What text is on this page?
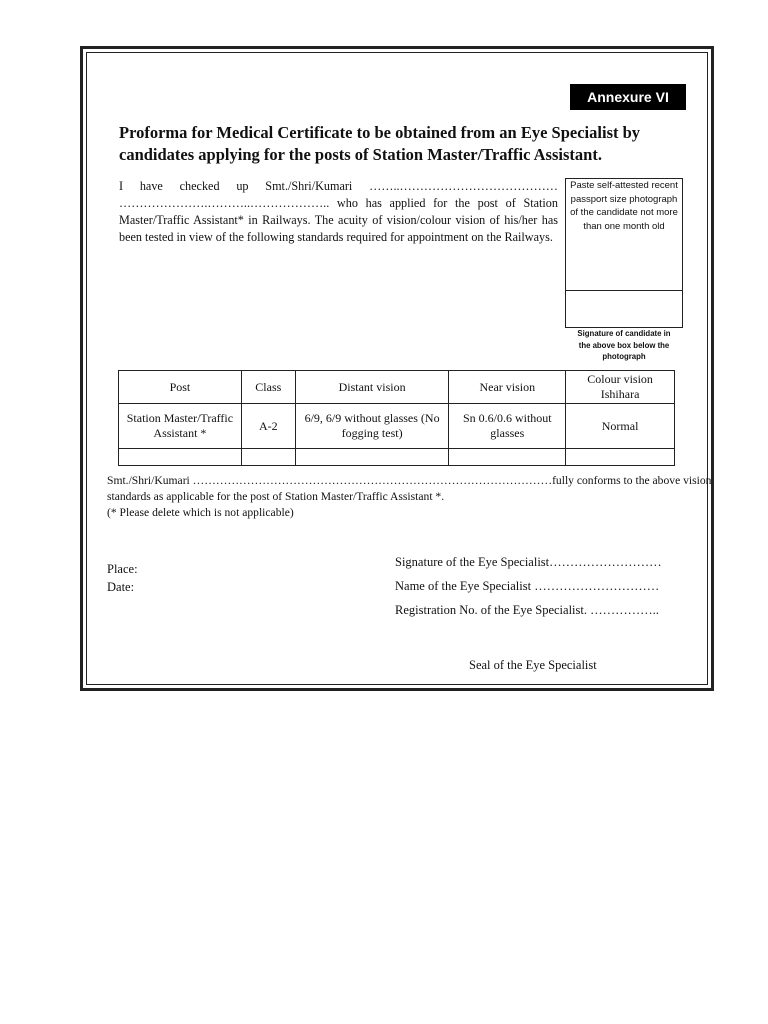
Annexure VI
Proforma for Medical Certificate to be obtained from an Eye Specialist by candidates applying for the posts of Station Master/Traffic Assistant.
I have checked up Smt./Shri/Kumari ……..………………………………… ………………….………..……………….. who has applied for the post of Station Master/Traffic Assistant* in Railways. The acuity of vision/colour vision of his/her has been tested in view of the following standards required for appointment on the Railways.
Paste self-attested recent passport size photograph of the candidate not more than one month old
Signature of candidate in the above box below the photograph
Post	Class	Distant vision	Near vision	Colour vision Ishihara
Station Master/Traffic Assistant *	A-2	6/9, 6/9 without glasses (No fogging test)	Sn 0.6/0.6 without glasses	Normal

Smt./Shri/Kumari …………………………………………………………………………………fully conforms to the above vision
standards as applicable for the post of Station Master/Traffic Assistant *.
(* Please delete which is not applicable)
Place:
Date:
Signature of the Eye Specialist………………………
Name of the Eye Specialist …………………………
Registration No. of the Eye Specialist. ……………..
Seal of the Eye Specialist
